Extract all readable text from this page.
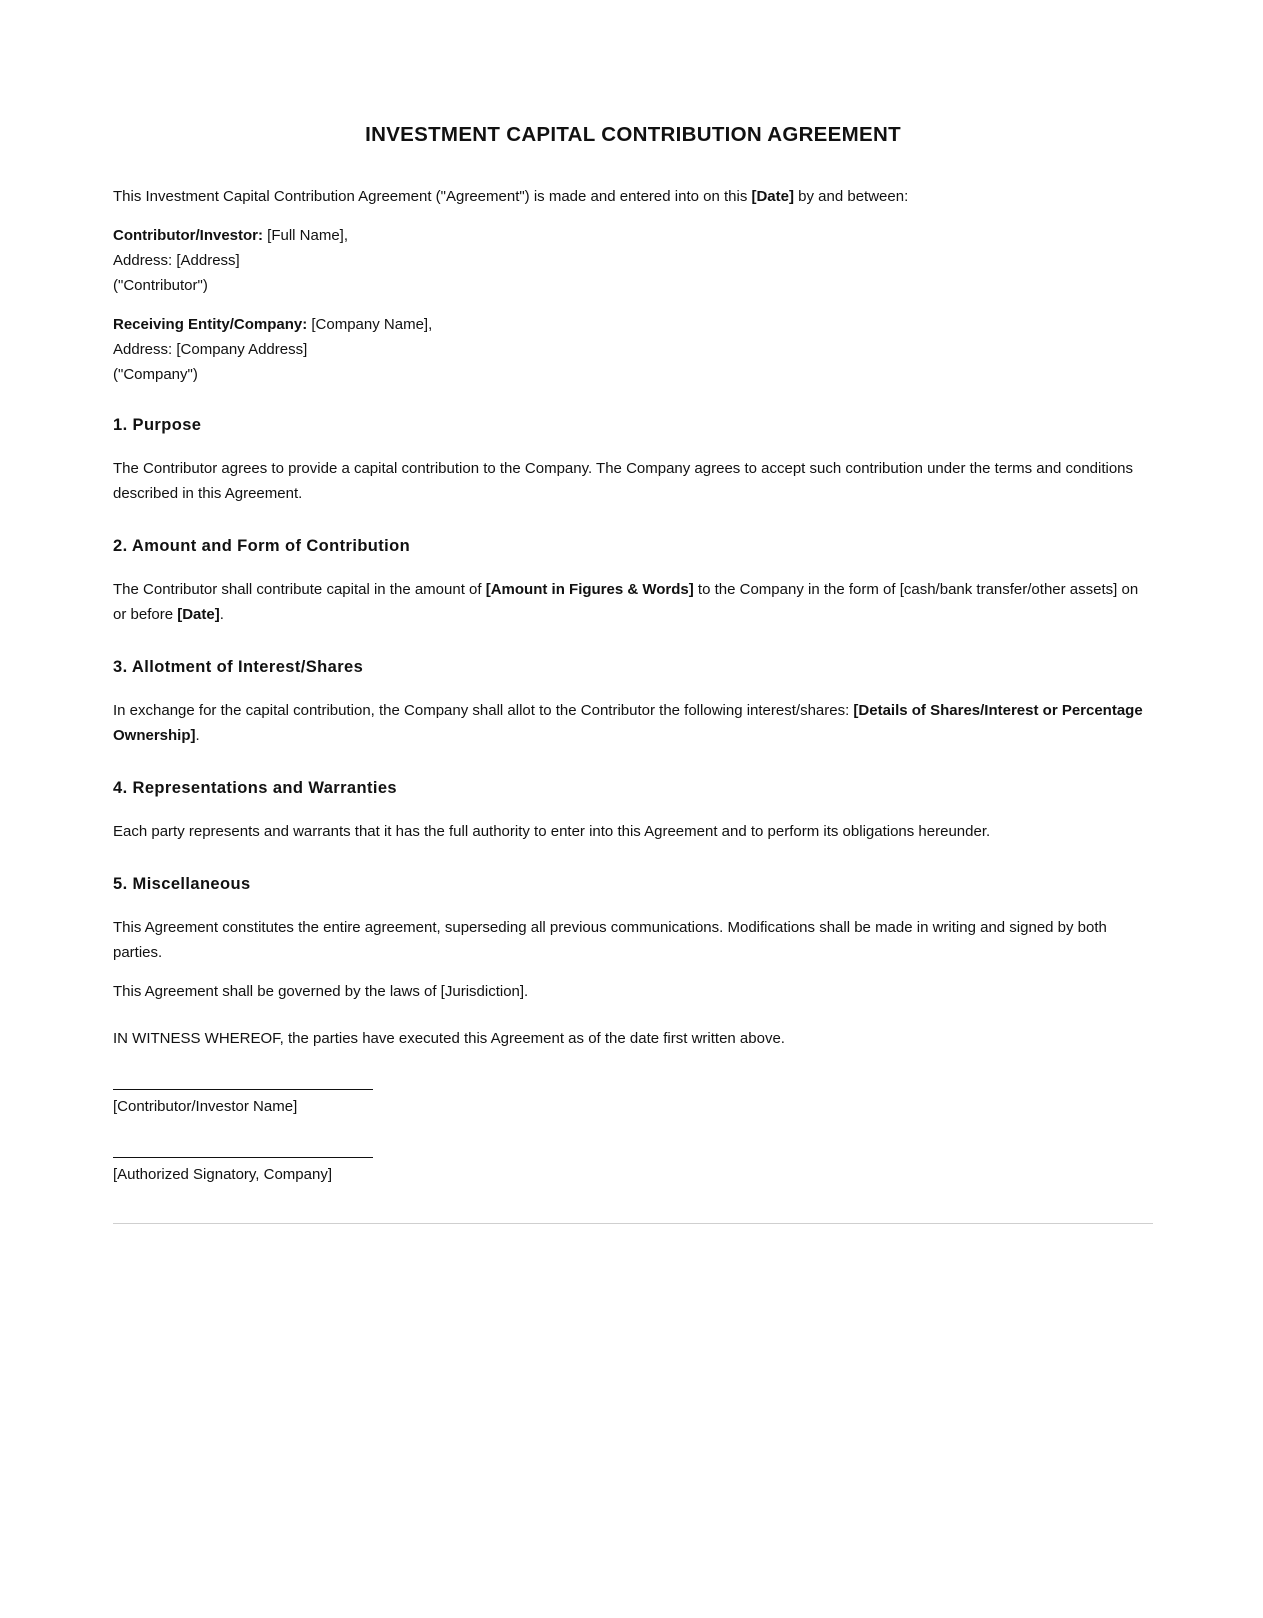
INVESTMENT CAPITAL CONTRIBUTION AGREEMENT

This Investment Capital Contribution Agreement ("Agreement") is made and entered into on this [Date] by and between:

Contributor/Investor: [Full Name],
Address: [Address]
("Contributor")
Receiving Entity/Company: [Company Name],
Address: [Company Address]
("Company")
1. Purpose

The Contributor agrees to provide a capital contribution to the Company. The Company agrees to accept such contribution under the terms and conditions described in this Agreement.

2. Amount and Form of Contribution

The Contributor shall contribute capital in the amount of [Amount in Figures & Words] to the Company in the form of [cash/bank transfer/other assets] on or before [Date].

3. Allotment of Interest/Shares

In exchange for the capital contribution, the Company shall allot to the Contributor the following interest/shares: [Details of Shares/Interest or Percentage Ownership].

4. Representations and Warranties

Each party represents and warrants that it has the full authority to enter into this Agreement and to perform its obligations hereunder.

5. Miscellaneous

This Agreement constitutes the entire agreement, superseding all previous communications. Modifications shall be made in writing and signed by both parties.

This Agreement shall be governed by the laws of [Jurisdiction].

IN WITNESS WHEREOF, the parties have executed this Agreement as of the date first written above.

[Contributor/Investor Name]

[Authorized Signatory, Company]
